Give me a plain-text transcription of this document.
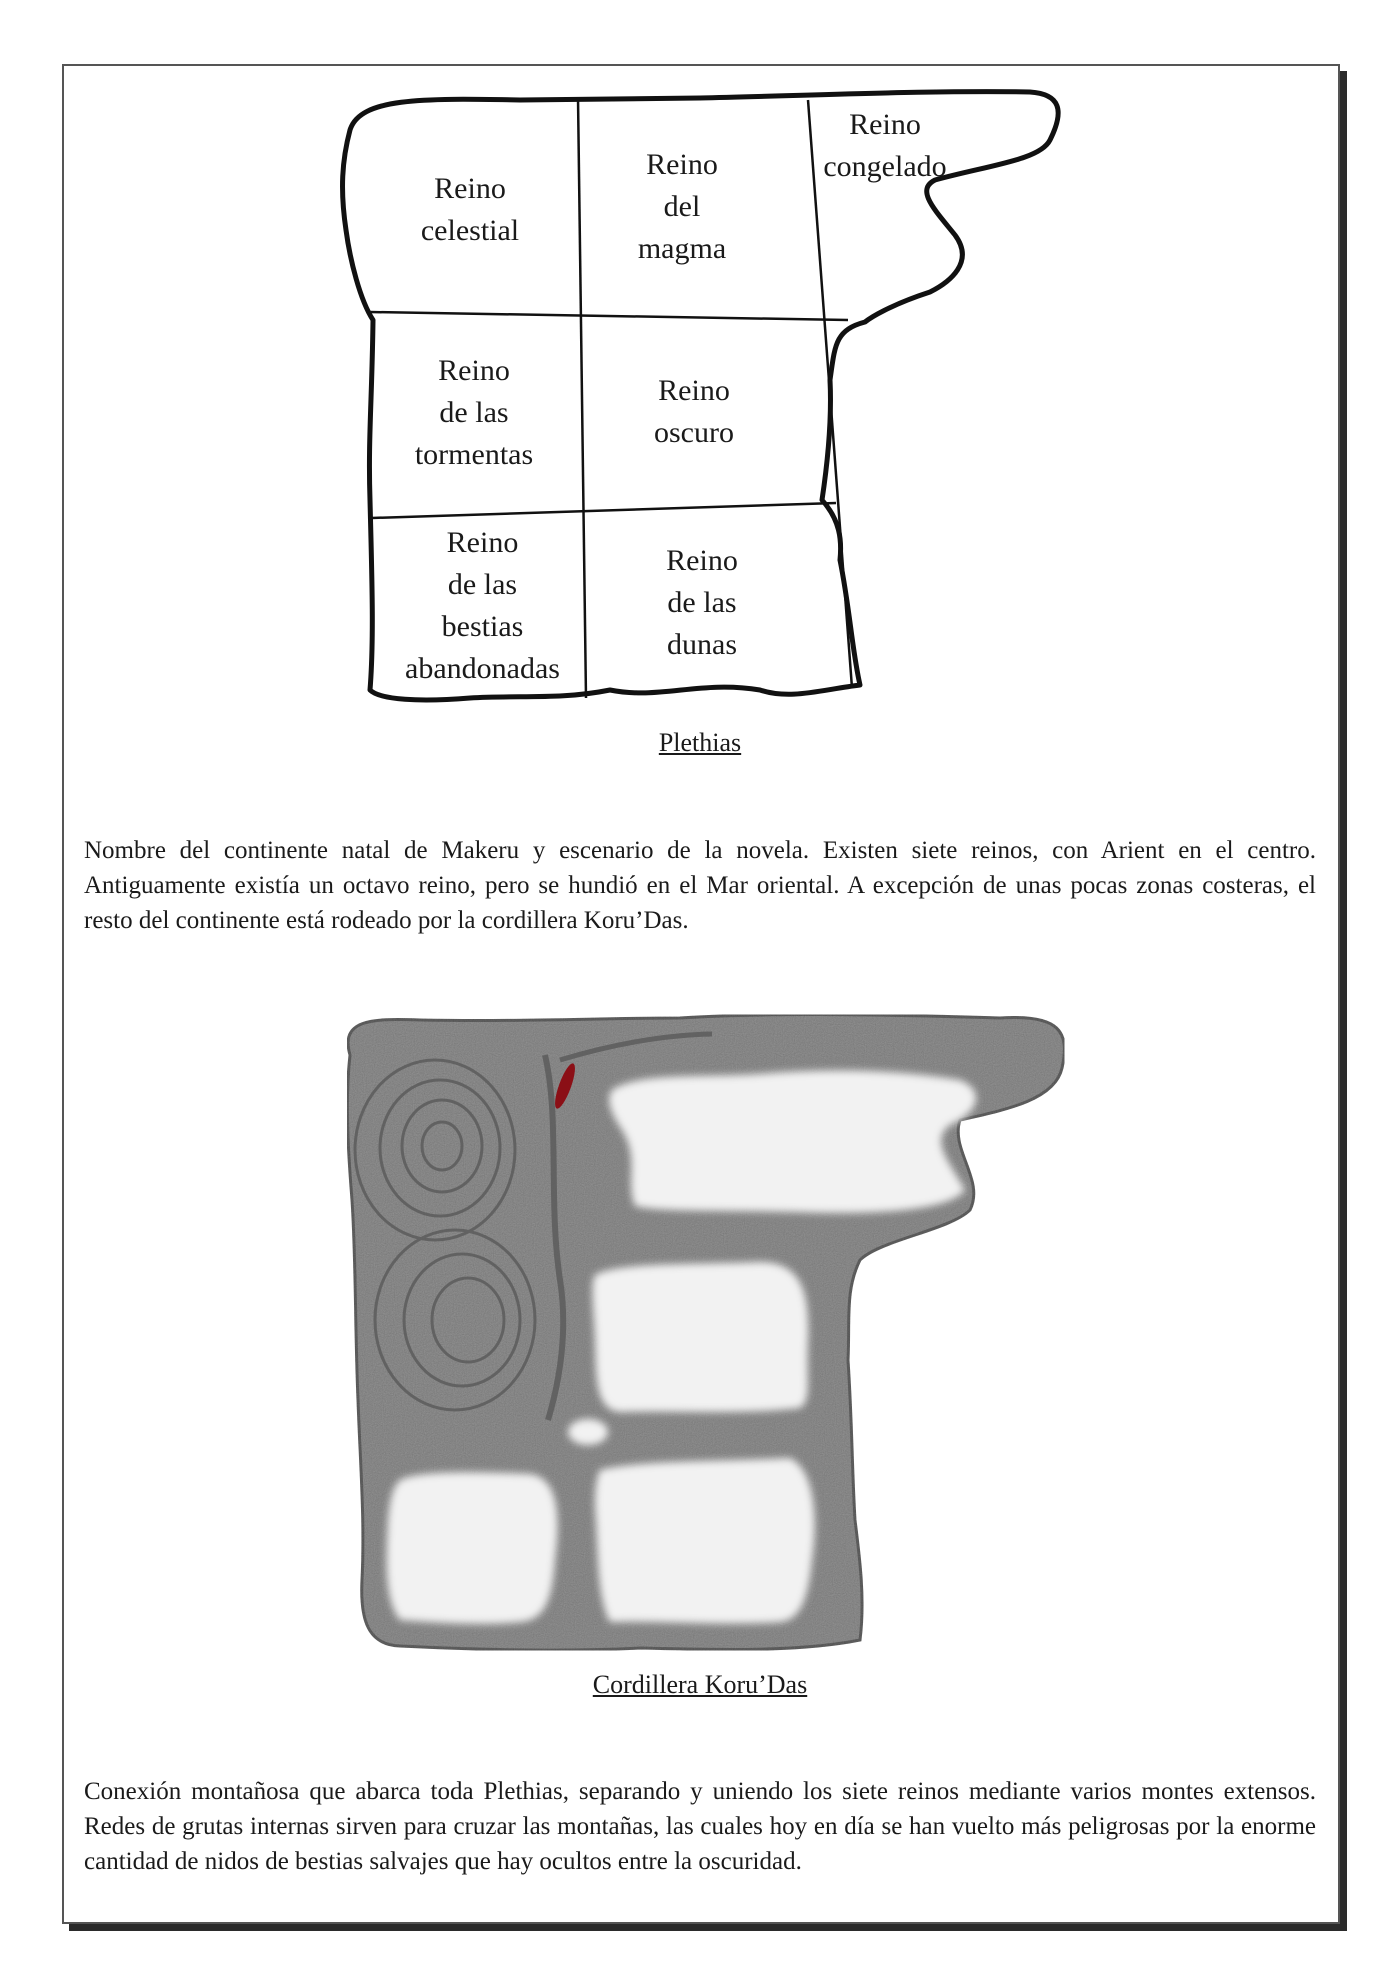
Reino
celestial
Reino
del
magma
Reino
congelado
Reino
de las
tormentas
Reino
oscuro
Reino
de las
bestias
abandonadas
Reino
de las
dunas
Plethias
Nombre del continente natal de Makeru y escenario de la novela. Existen siete reinos, con Arient en el centro. Antiguamente existía un octavo reino, pero se hundió en el Mar oriental. A excepción de unas pocas zonas costeras, el resto del continente está rodeado por la cordillera Koru’Das.
Cordillera Koru’Das
Conexión montañosa que abarca toda Plethias, separando y uniendo los siete reinos mediante varios montes extensos. Redes de grutas internas sirven para cruzar las montañas, las cuales hoy en día se han vuelto más peligrosas por la enorme cantidad de nidos de bestias salvajes que hay ocultos entre la oscuridad.
